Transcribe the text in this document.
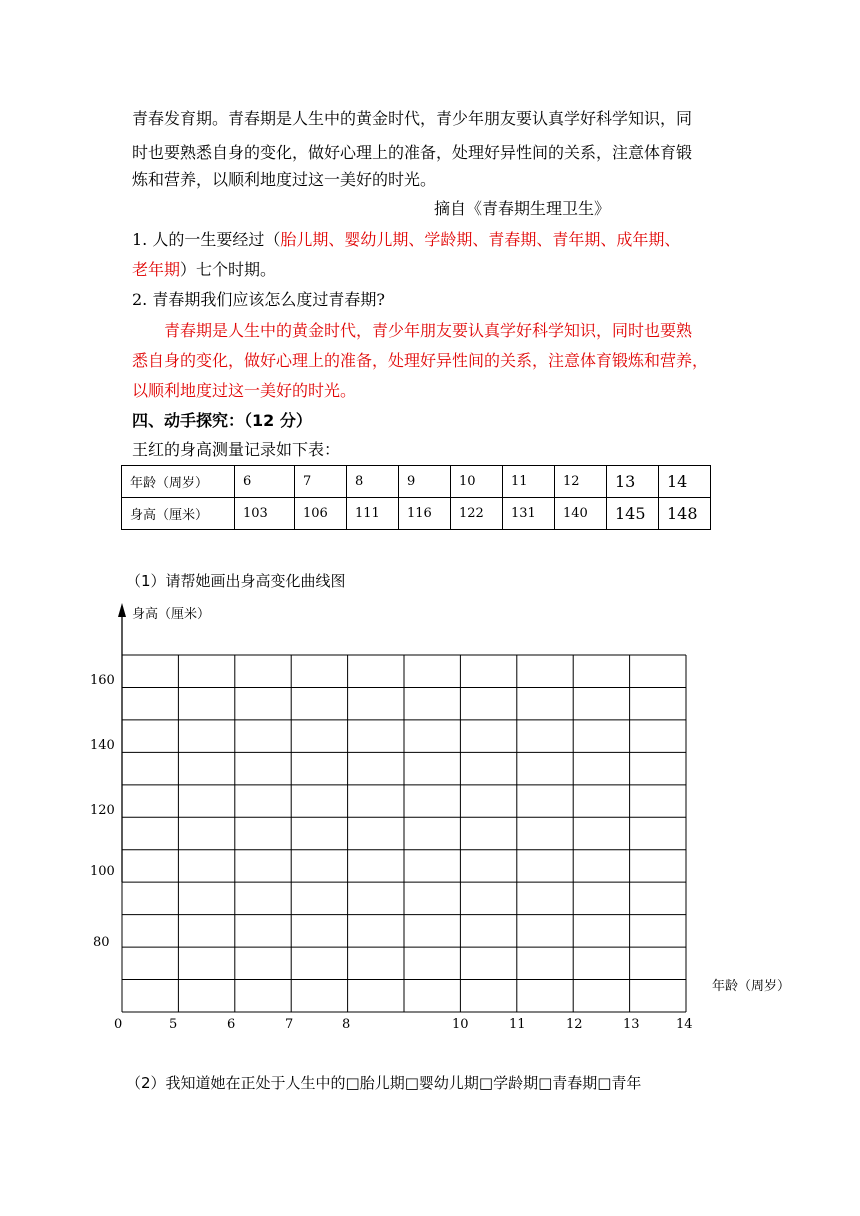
青春发育期。青春期是人生中的黄金时代，青少年朋友要认真学好科学知识，同
时也要熟悉自身的变化，做好心理上的准备，处理好异性间的关系，注意体育锻
炼和营养，以顺利地度过这一美好的时光。
摘自《青春期生理卫生》
1. 人的一生要经过（胎儿期、婴幼儿期、学龄期、青春期、青年期、成年期、
老年期）七个时期。
2. 青春期我们应该怎么度过青春期?
青春期是人生中的黄金时代，青少年朋友要认真学好科学知识，同时也要熟
悉自身的变化，做好心理上的准备，处理好异性间的关系，注意体育锻炼和营养，
以顺利地度过这一美好的时光。
四、动手探究：（12 分）
王红的身高测量记录如下表：
年龄（周岁）	6	7	8	9	10	11	12	13	14
身高（厘米）	103	106	111	116	122	131	140	145	148
（1）请帮她画出身高变化曲线图
身高（厘米）
年龄（周岁）
160
140
120
100
80
0	5	6	7	8	10	11	12	13	14
（2）我知道她在正处于人生中的□胎儿期□婴幼儿期□学龄期□青春期□青年
